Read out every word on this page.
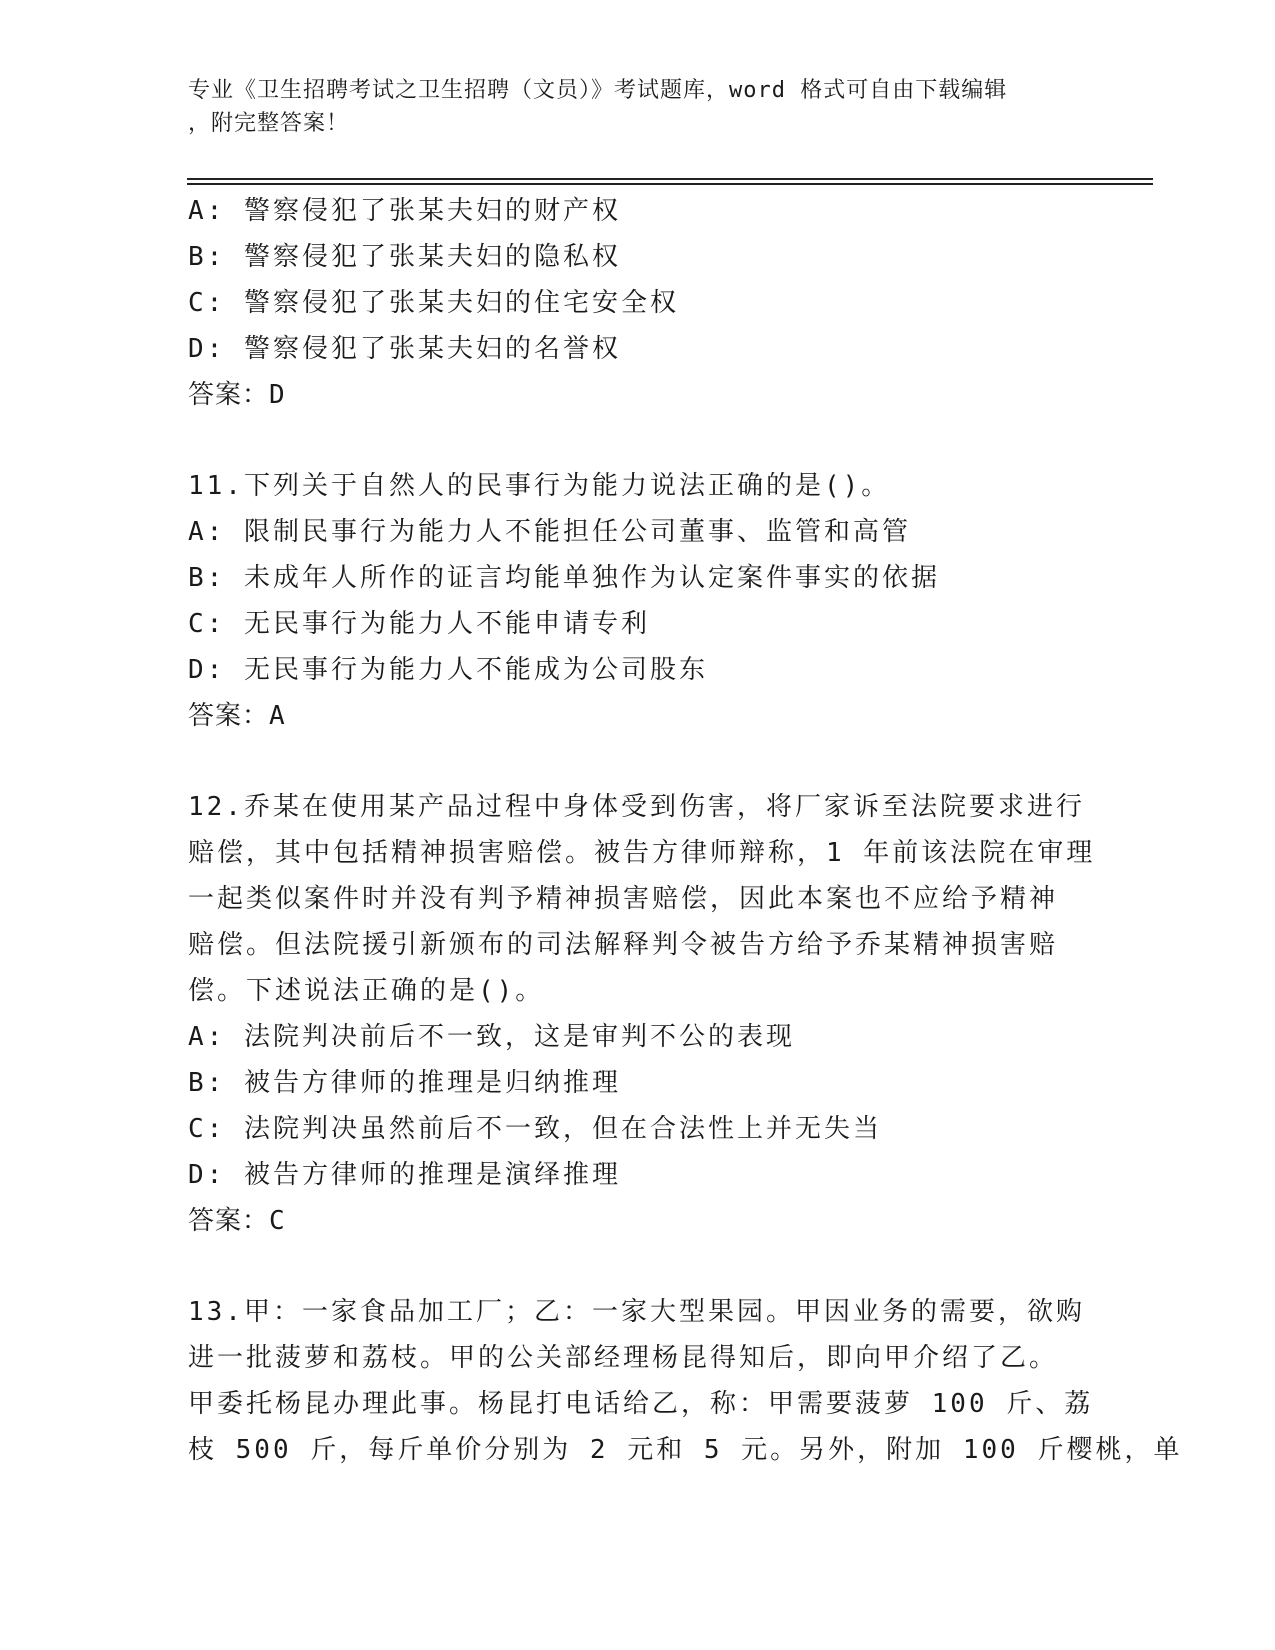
专业《卫生招聘考试之卫生招聘（文员）》考试题库，word 格式可自由下载编辑
，附完整答案！
A: 警察侵犯了张某夫妇的财产权
B: 警察侵犯了张某夫妇的隐私权
C: 警察侵犯了张某夫妇的住宅安全权
D: 警察侵犯了张某夫妇的名誉权
答案：D
11.下列关于自然人的民事行为能力说法正确的是()。
A: 限制民事行为能力人不能担任公司董事、监管和高管
B: 未成年人所作的证言均能单独作为认定案件事实的依据
C: 无民事行为能力人不能申请专利
D: 无民事行为能力人不能成为公司股东
答案：A
12.乔某在使用某产品过程中身体受到伤害，将厂家诉至法院要求进行
赔偿，其中包括精神损害赔偿。被告方律师辩称，1 年前该法院在审理
一起类似案件时并没有判予精神损害赔偿，因此本案也不应给予精神
赔偿。但法院援引新颁布的司法解释判令被告方给予乔某精神损害赔
偿。下述说法正确的是()。
A: 法院判决前后不一致，这是审判不公的表现
B: 被告方律师的推理是归纳推理
C: 法院判决虽然前后不一致，但在合法性上并无失当
D: 被告方律师的推理是演绎推理
答案：C
13.甲：一家食品加工厂；乙：一家大型果园。甲因业务的需要，欲购
进一批菠萝和荔枝。甲的公关部经理杨昆得知后，即向甲介绍了乙。
甲委托杨昆办理此事。杨昆打电话给乙，称：甲需要菠萝 100 斤、荔
枝 500 斤，每斤单价分别为 2 元和 5 元。另外，附加 100 斤樱桃，单
